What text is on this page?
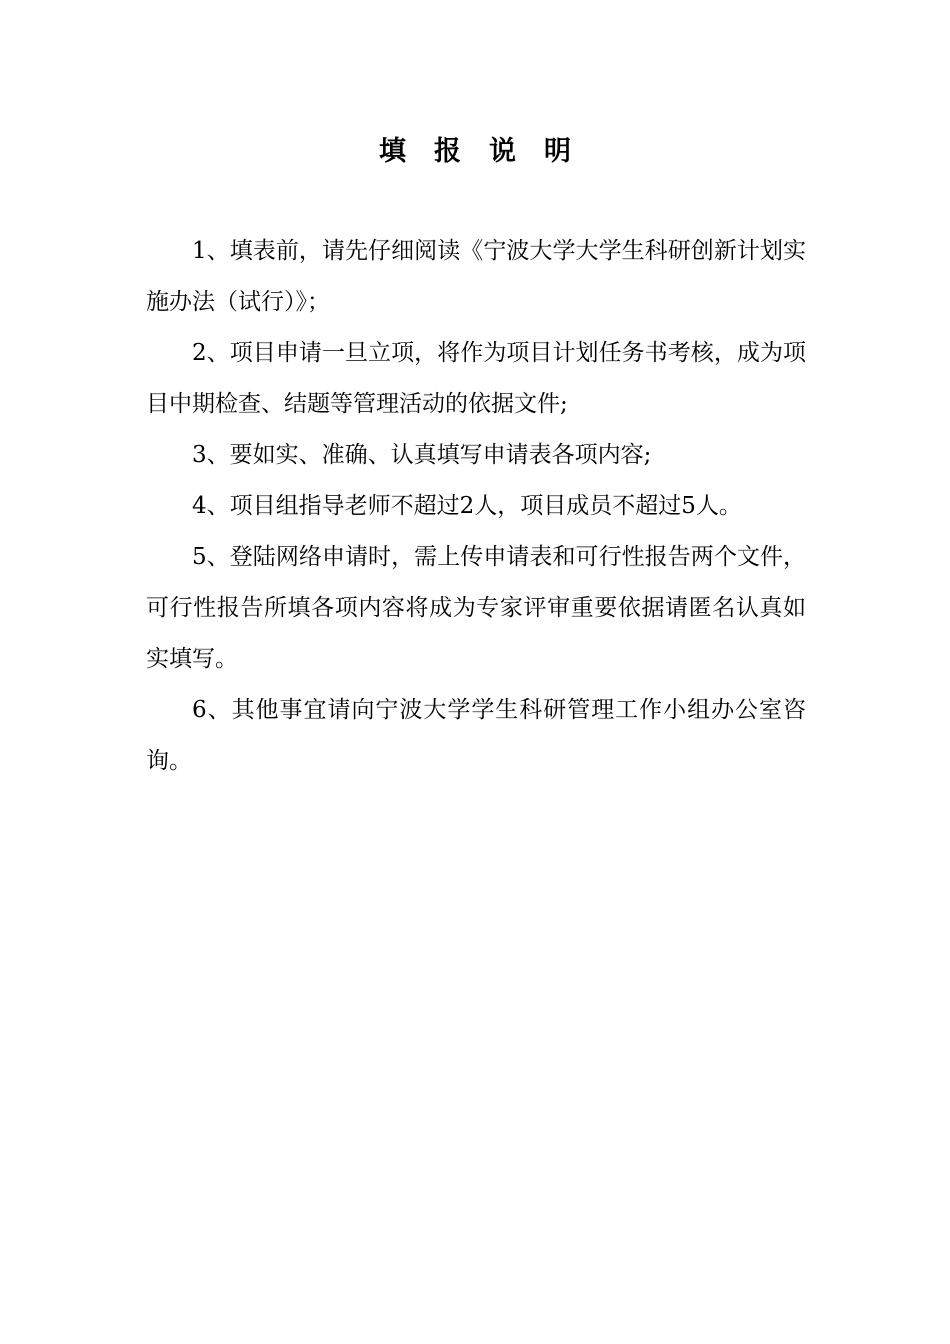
填报说明

1、填表前，请先仔细阅读《宁波大学大学生科研创新计划实施办法（试行）》；

2、项目申请一旦立项，将作为项目计划任务书考核，成为项目中期检查、结题等管理活动的依据文件;

3、要如实、准确、认真填写申请表各项内容;

4、项目组指导老师不超过2人，项目成员不超过5人。

5、登陆网络申请时，需上传申请表和可行性报告两个文件，可行性报告所填各项内容将成为专家评审重要依据请匿名认真如实填写。

6、其他事宜请向宁波大学学生科研管理工作小组办公室咨询。
